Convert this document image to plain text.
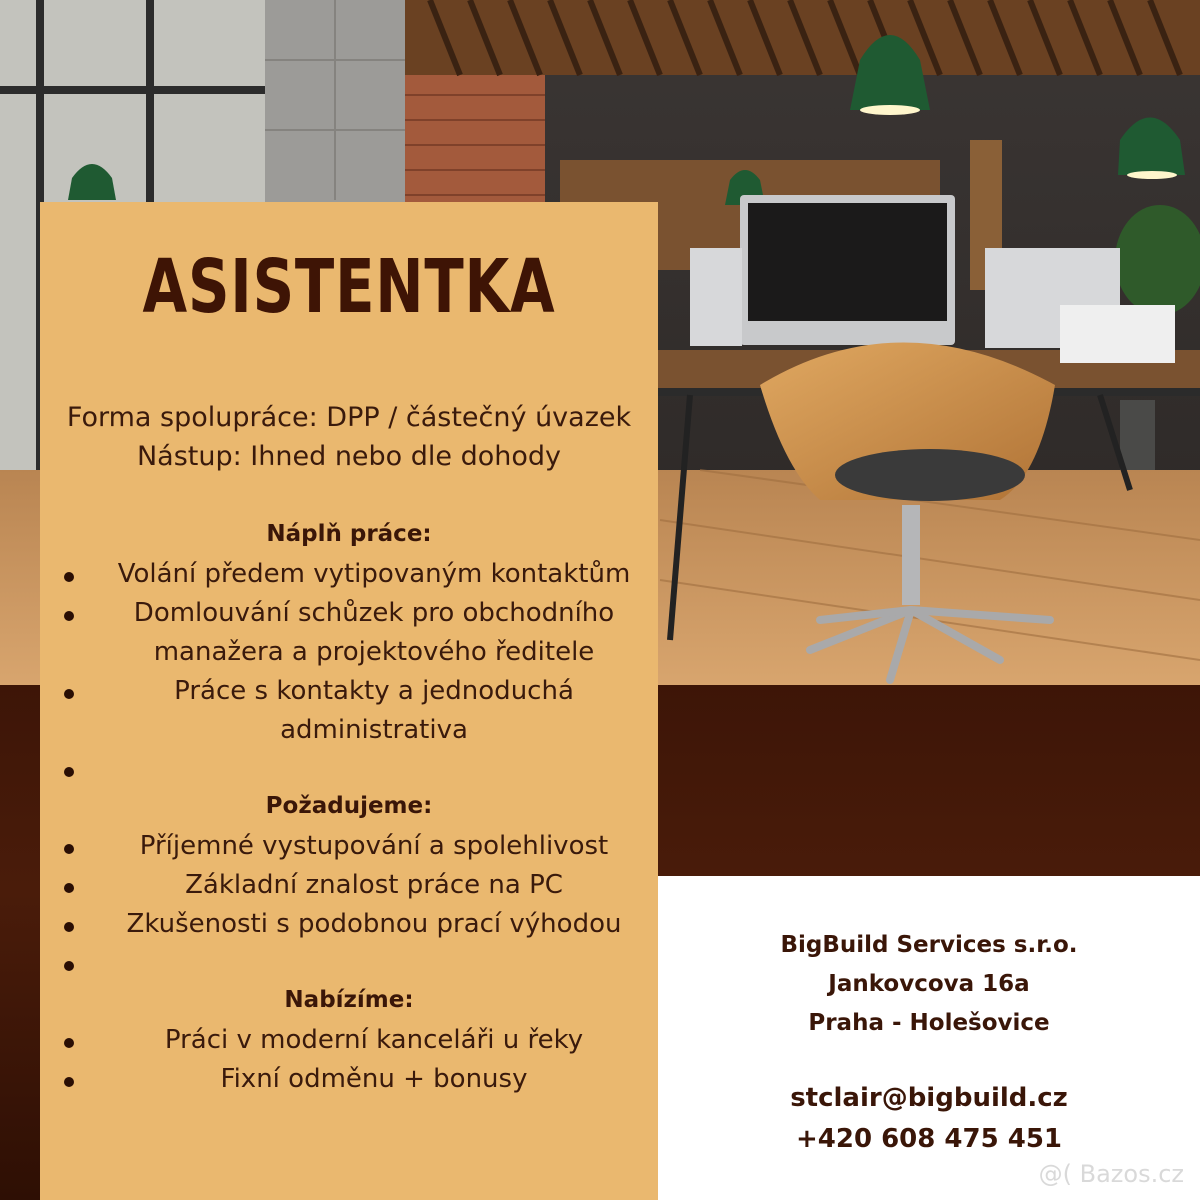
ASISTENTKA
Forma spolupráce: DPP / částečný úvazek
Nástup: Ihned nebo dle dohody
Náplň práce:
Volání předem vytipovaným kontaktům
Domlouvání schůzek pro obchodního manažera a projektového ředitele
Práce s kontakty a jednoduchá administrativa
Požadujeme:
Příjemné vystupování a spolehlivost
Základní znalost práce na PC
Zkušenosti s podobnou prací výhodou
Nabízíme:
Práci v moderní kanceláři u řeky
Fixní odměnu + bonusy
BigBuild Services s.r.o.
Jankovcova 16a
Praha - Holešovice
stclair@bigbuild.cz
+420 608 475 451
@( Bazos.cz
